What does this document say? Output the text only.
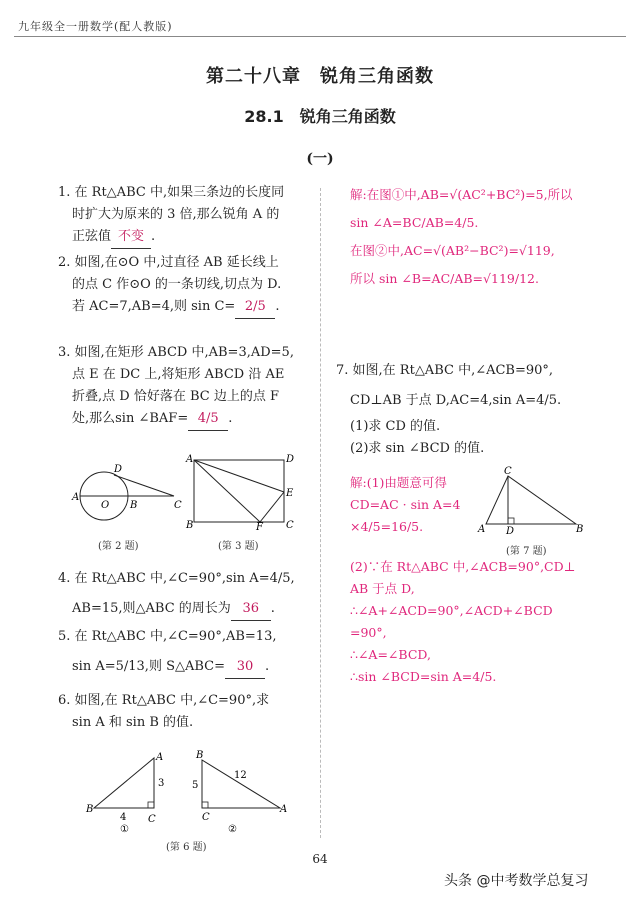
九年级全一册数学(配人教版)
第二十八章　锐角三角函数
28.1　锐角三角函数
(一)
1. 在 Rt△ABC 中,如果三条边的长度同
时扩大为原来的 3 倍,那么锐角 A 的
正弦值 不变 .
2. 如图,在⊙O 中,过直径 AB 延长线上
的点 C 作⊙O 的一条切线,切点为 D.
若 AC=7,AB=4,则 sin C= 2/5 .
3. 如图,在矩形 ABCD 中,AB=3,AD=5,
点 E 在 DC 上,将矩形 ABCD 沿 AE
折叠,点 D 恰好落在 BC 边上的点 F
处,那么sin ∠BAF= 4/5 .
A
O B	C
D
(第 2 题)
A	D
E
B	F C
(第 3 题)
4. 在 Rt△ABC 中,∠C=90°,sin A=4/5,
AB=15,则△ABC 的周长为 36 .
5. 在 Rt△ABC 中,∠C=90°,AB=13,
sin A=5/13,则 S△ABC= 30 .
6. 如图,在 Rt△ABC 中,∠C=90°,求
sin A 和 sin B 的值.
B
C
A
3
4
①
B
C
A
5
12
②
(第 6 题)
解:在图①中,AB=√(AC²+BC²)=5,所以
sin ∠A=BC/AB=4/5.
在图②中,AC=√(AB²−BC²)=√119,
所以 sin ∠B=AC/AB=√119/12.
7. 如图,在 Rt△ABC 中,∠ACB=90°,
CD⊥AB 于点 D,AC=4,sin A=4/5.
(1)求 CD 的值.
(2)求 sin ∠BCD 的值.
解:(1)由题意可得
CD=AC · sin A=4
×4/5=16/5.
C
A D	B
(第 7 题)
(2)∵在 Rt△ABC 中,∠ACB=90°,CD⊥
AB 于点 D,
∴∠A+∠ACD=90°,∠ACD+∠BCD
=90°,
∴∠A=∠BCD,
∴sin ∠BCD=sin A=4/5.
64
头条 @中考数学总复习
